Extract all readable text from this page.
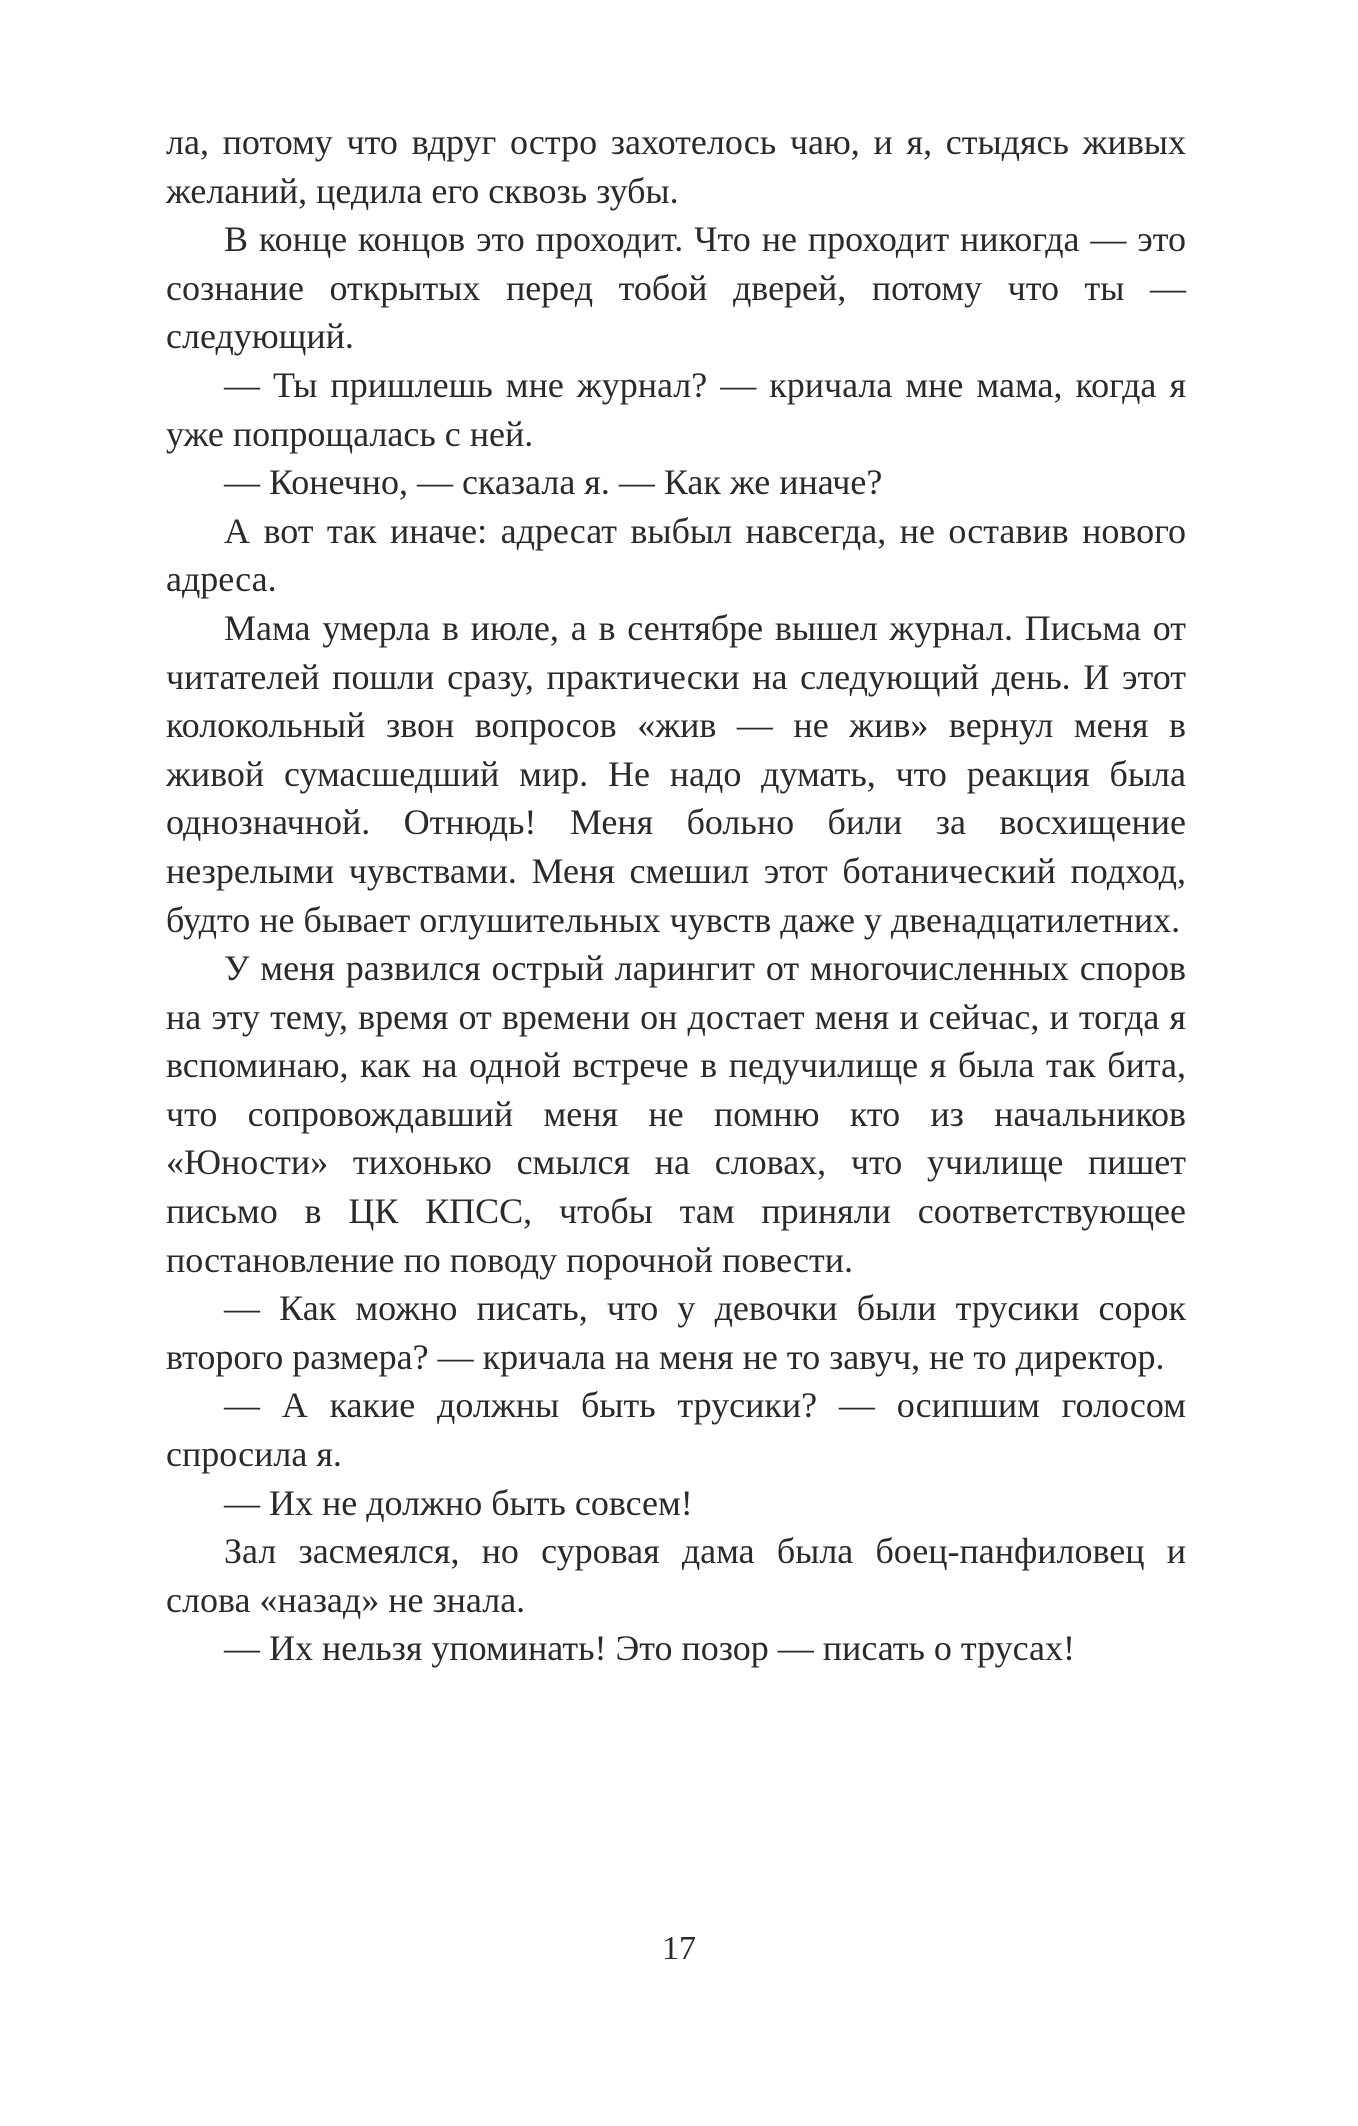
ла, потому что вдруг остро захотелось чаю, и я, стыдясь живых желаний, цедила его сквозь зубы.

В конце концов это проходит. Что не проходит никогда — это сознание открытых перед тобой дверей, потому что ты — следующий.

— Ты пришлешь мне журнал? — кричала мне мама, когда я уже попрощалась с ней.

— Конечно, — сказала я. — Как же иначе?

А вот так иначе: адресат выбыл навсегда, не оставив нового адреса.

Мама умерла в июле, а в сентябре вышел журнал. Письма от читателей пошли сразу, практически на следующий день. И этот колокольный звон вопросов «жив — не жив» вернул меня в живой сумасшедший мир. Не надо думать, что реакция была однозначной. Отнюдь! Меня больно били за восхищение незрелыми чувствами. Меня смешил этот ботанический подход, будто не бывает оглушительных чувств даже у двенадцатилетних.

У меня развился острый ларингит от многочисленных споров на эту тему, время от времени он достает меня и сейчас, и тогда я вспоминаю, как на одной встрече в педучилище я была так бита, что сопровождавший меня не помню кто из начальников «Юности» тихонько смылся на словах, что училище пишет письмо в ЦК КПСС, чтобы там приняли соответствующее постановление по поводу порочной повести.

— Как можно писать, что у девочки были трусики сорок второго размера? — кричала на меня не то завуч, не то директор.

— А какие должны быть трусики? — осипшим голосом спросила я.

— Их не должно быть совсем!

Зал засмеялся, но суровая дама была боец-панфиловец и слова «назад» не знала.

— Их нельзя упоминать! Это позор — писать о трусах!

17
